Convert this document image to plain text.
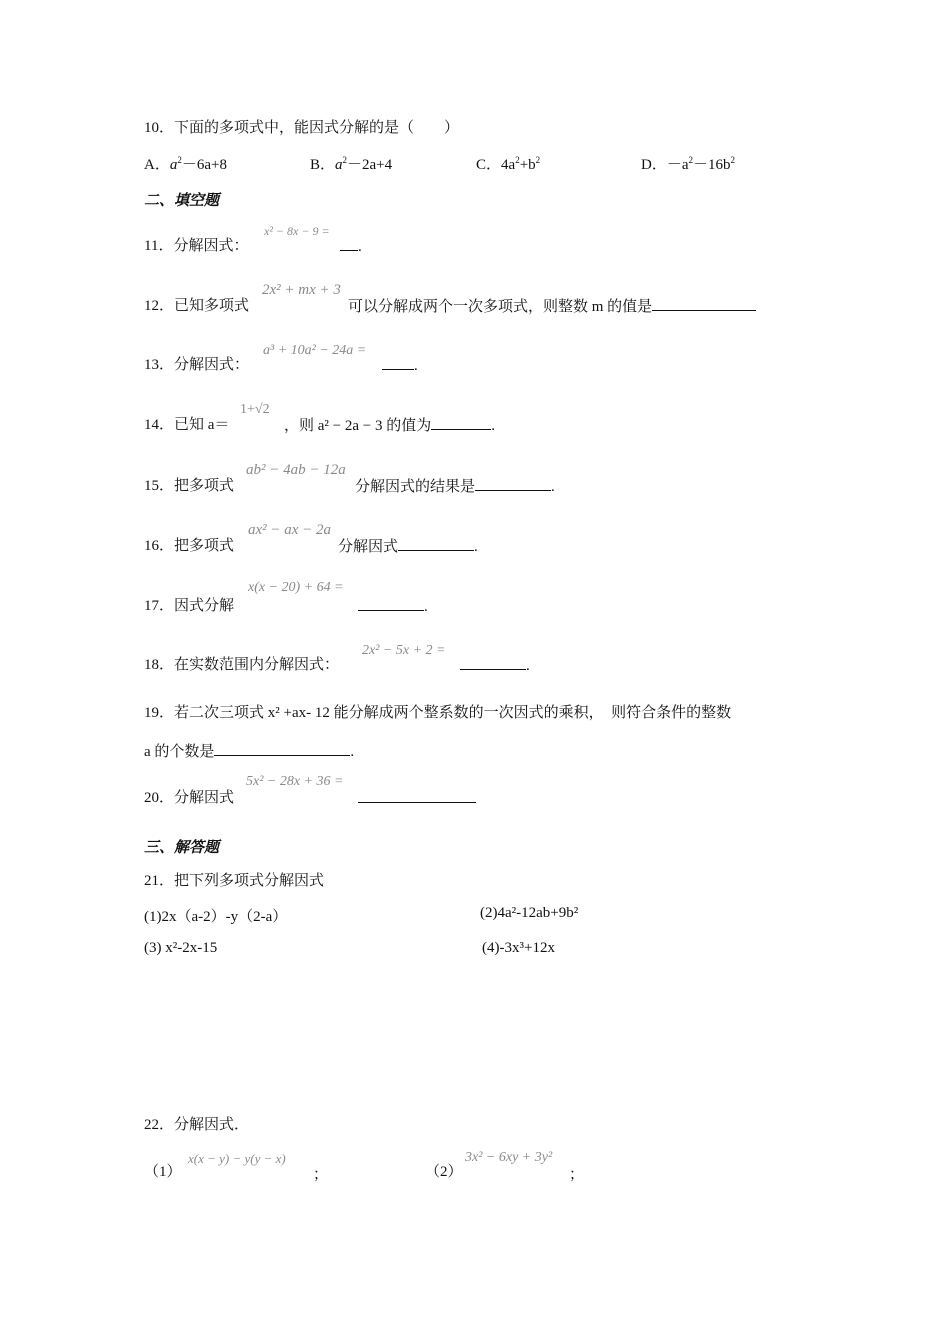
10．下面的多项式中，能因式分解的是（　　）
A．$a^2-6a+8$	B．$a^2-2a+4$	C．$4a^2+b^2$	D．$-a^2-16b^2$
二、填空题
11．分解因式：
x² − 8x − 9 =
.
12．已知多项式
2x² + mx + 3
可以分解成两个一次多项式，则整数 m 的值是
13．分解因式：
a³ + 10a² − 24a =
.
14．已知 a＝
1+√2
，则 a² − 2a − 3 的值为	.
15．把多项式
ab² − 4ab − 12a
分解因式的结果是	.
16．把多项式
ax² − ax − 2a
分解因式	.
17．因式分解
x(x − 20) + 64 =
.
18．在实数范围内分解因式：
2x² − 5x + 2 =
.
19．若二次三项式 x² +ax- 12 能分解成两个整系数的一次因式的乘积，　则符合条件的整数
a 的个数是	.
20．分解因式
5x² − 28x + 36 =
三、解答题
21．把下列多项式分解因式
(1)2x（a-2）-y（2-a）	(2)4a²-12ab+9b²
(3) x²-2x-15	(4)-3x³+12x
22．分解因式．
（1）
x(x − y) − y(y − x)
；	（2）
3x² − 6xy + 3y²
；
